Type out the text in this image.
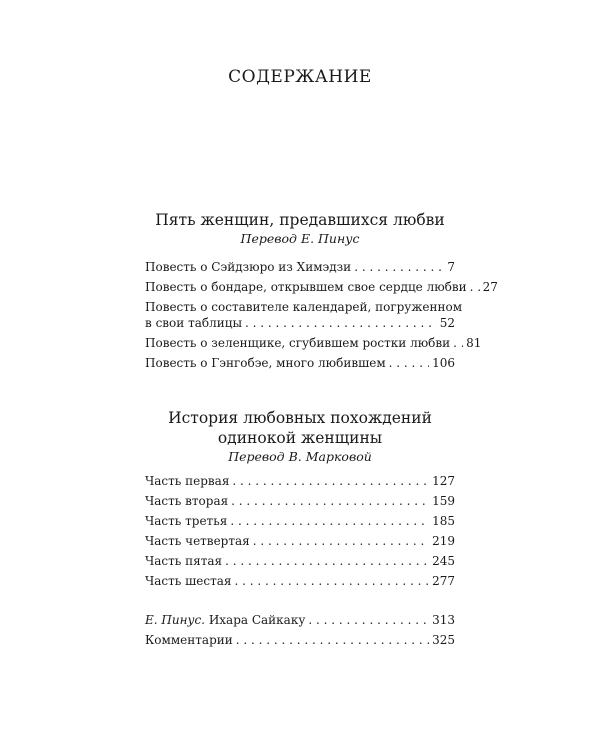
СОДЕРЖАНИЕ
Пять женщин, предавшихся любви
Перевод Е. Пинус
Повесть о Сэйдзюро из Химэдзи . . .	7
Повесть о бондаре, открывшем свое сердце любви . . . 27
Повесть о составителе календарей, погруженном
в свои таблицы . . .	52
Повесть о зеленщике, сгубившем ростки любви . . . 81
Повесть о Гэнгобэе, много любившем . . .	106
История любовных похождений
одинокой женщины
Перевод В. Марковой
Часть первая . . .	127
Часть вторая . . .	159
Часть третья . . .	185
Часть четвертая . . .	219
Часть пятая . . .	245
Часть шестая . . .	277
Е. Пинус. Ихара Сайкаку . . .	313
Комментарии . . .	325
